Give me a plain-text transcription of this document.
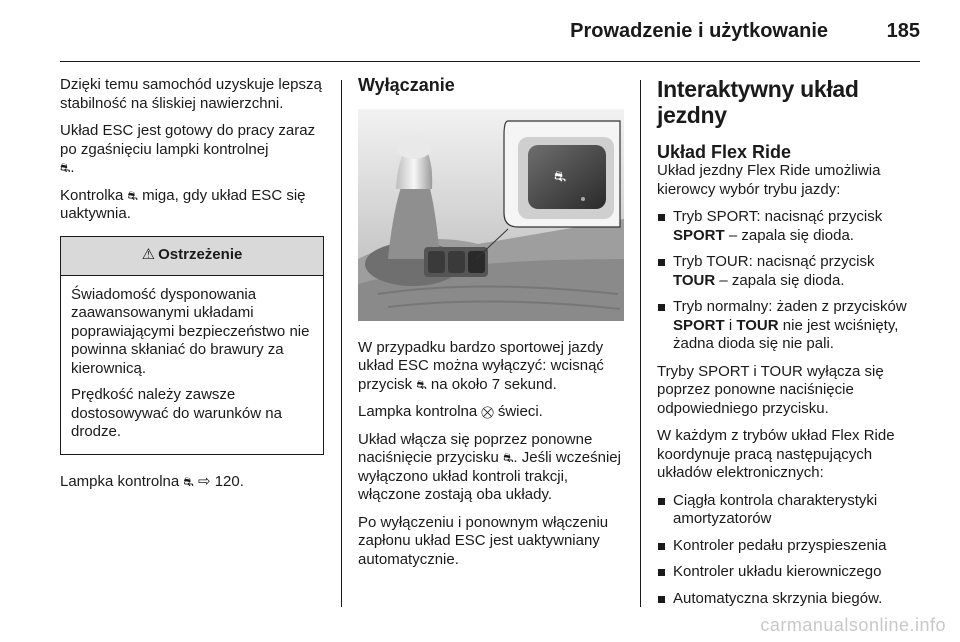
Prowadzenie i użytkowanie	185

Dzięki temu samochód uzyskuje lepszą stabilność na śliskiej nawierzchni.

Układ ESC jest gotowy do pracy zaraz po zgaśnięciu lampki kontrolnej
⛐.

Kontrolka ⛐ miga, gdy układ ESC się uaktywnia.

⚠ Ostrzeżenie

Świadomość dysponowania zaawansowanymi układami poprawiającymi bezpieczeństwo nie powinna skłaniać do brawury za kierownicą.

Prędkość należy zawsze dostosowywać do warunków na drodze.

Lampka kontrolna ⛐ ⇨ 120.

Wyłączanie
⛐

W przypadku bardzo sportowej jazdy układ ESC można wyłączyć: wcisnąć przycisk ⛐ na około 7 sekund.

Lampka kontrolna ⛒ świeci.

Układ włącza się poprzez ponowne naciśnięcie przycisku ⛐. Jeśli wcześniej wyłączono układ kontroli trakcji, włączone zostają oba układy.

Po wyłączeniu i ponownym włączeniu zapłonu układ ESC jest uaktywniany automatycznie.

Interaktywny układ jezdny
Układ Flex Ride

Układ jezdny Flex Ride umożliwia kierowcy wybór trybu jazdy:

Tryb SPORT: nacisnąć przycisk
SPORT – zapala się dioda.
Tryb TOUR: nacisnąć przycisk
TOUR – zapala się dioda.
Tryb normalny: żaden z przycisków
SPORT i TOUR nie jest wciśnięty, żadna dioda się nie pali.

Tryby SPORT i TOUR wyłącza się poprzez ponowne naciśnięcie odpowiedniego przycisku.

W każdym z trybów układ Flex Ride koordynuje pracą następujących układów elektronicznych:

Ciągła kontrola charakterystyki amortyzatorów
Kontroler pedału przyspieszenia
Kontroler układu kierowniczego
Automatyczna skrzynia biegów.
carmanualsonline.info
